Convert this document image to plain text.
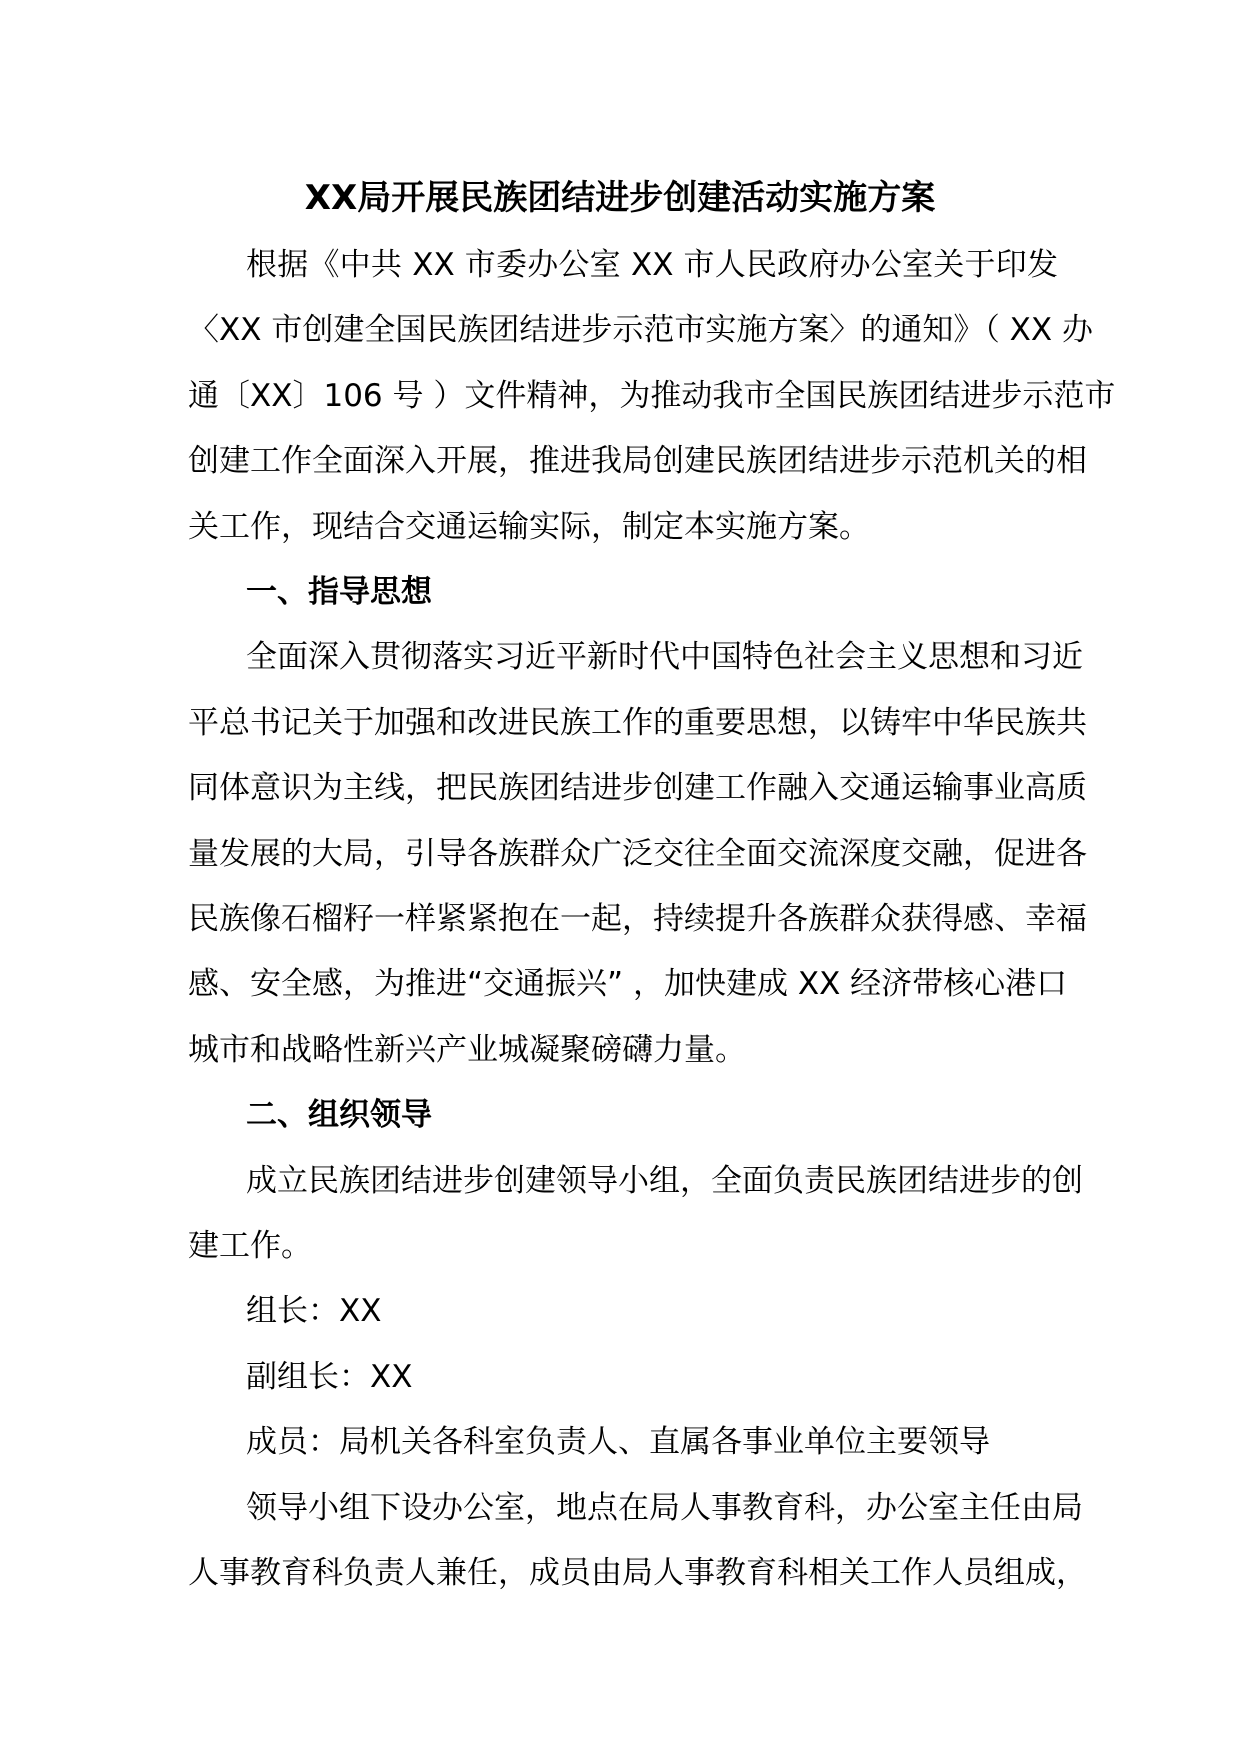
XX局开展民族团结进步创建活动实施方案
根据《中共 XX 市委办公室 XX 市人民政府办公室关于印发
〈XX 市创建全国民族团结进步示范市实施方案〉的通知》（ XX 办
通〔XX〕106 号 ）文件精神，为推动我市全国民族团结进步示范市
创建工作全面深入开展，推进我局创建民族团结进步示范机关的相
关工作，现结合交通运输实际，制定本实施方案。
一、指导思想
全面深入贯彻落实习近平新时代中国特色社会主义思想和习近
平总书记关于加强和改进民族工作的重要思想，以铸牢中华民族共
同体意识为主线，把民族团结进步创建工作融入交通运输事业高质
量发展的大局，引导各族群众广泛交往全面交流深度交融，促进各
民族像石榴籽一样紧紧抱在一起，持续提升各族群众获得感、幸福
感、安全感，为推进“交通振兴” ，加快建成 XX 经济带核心港口
城市和战略性新兴产业城凝聚磅礴力量。
二、组织领导
成立民族团结进步创建领导小组，全面负责民族团结进步的创
建工作。
组长：XX
副组长：XX
成员：局机关各科室负责人、直属各事业单位主要领导
领导小组下设办公室，地点在局人事教育科，办公室主任由局
人事教育科负责人兼任，成员由局人事教育科相关工作人员组成，
